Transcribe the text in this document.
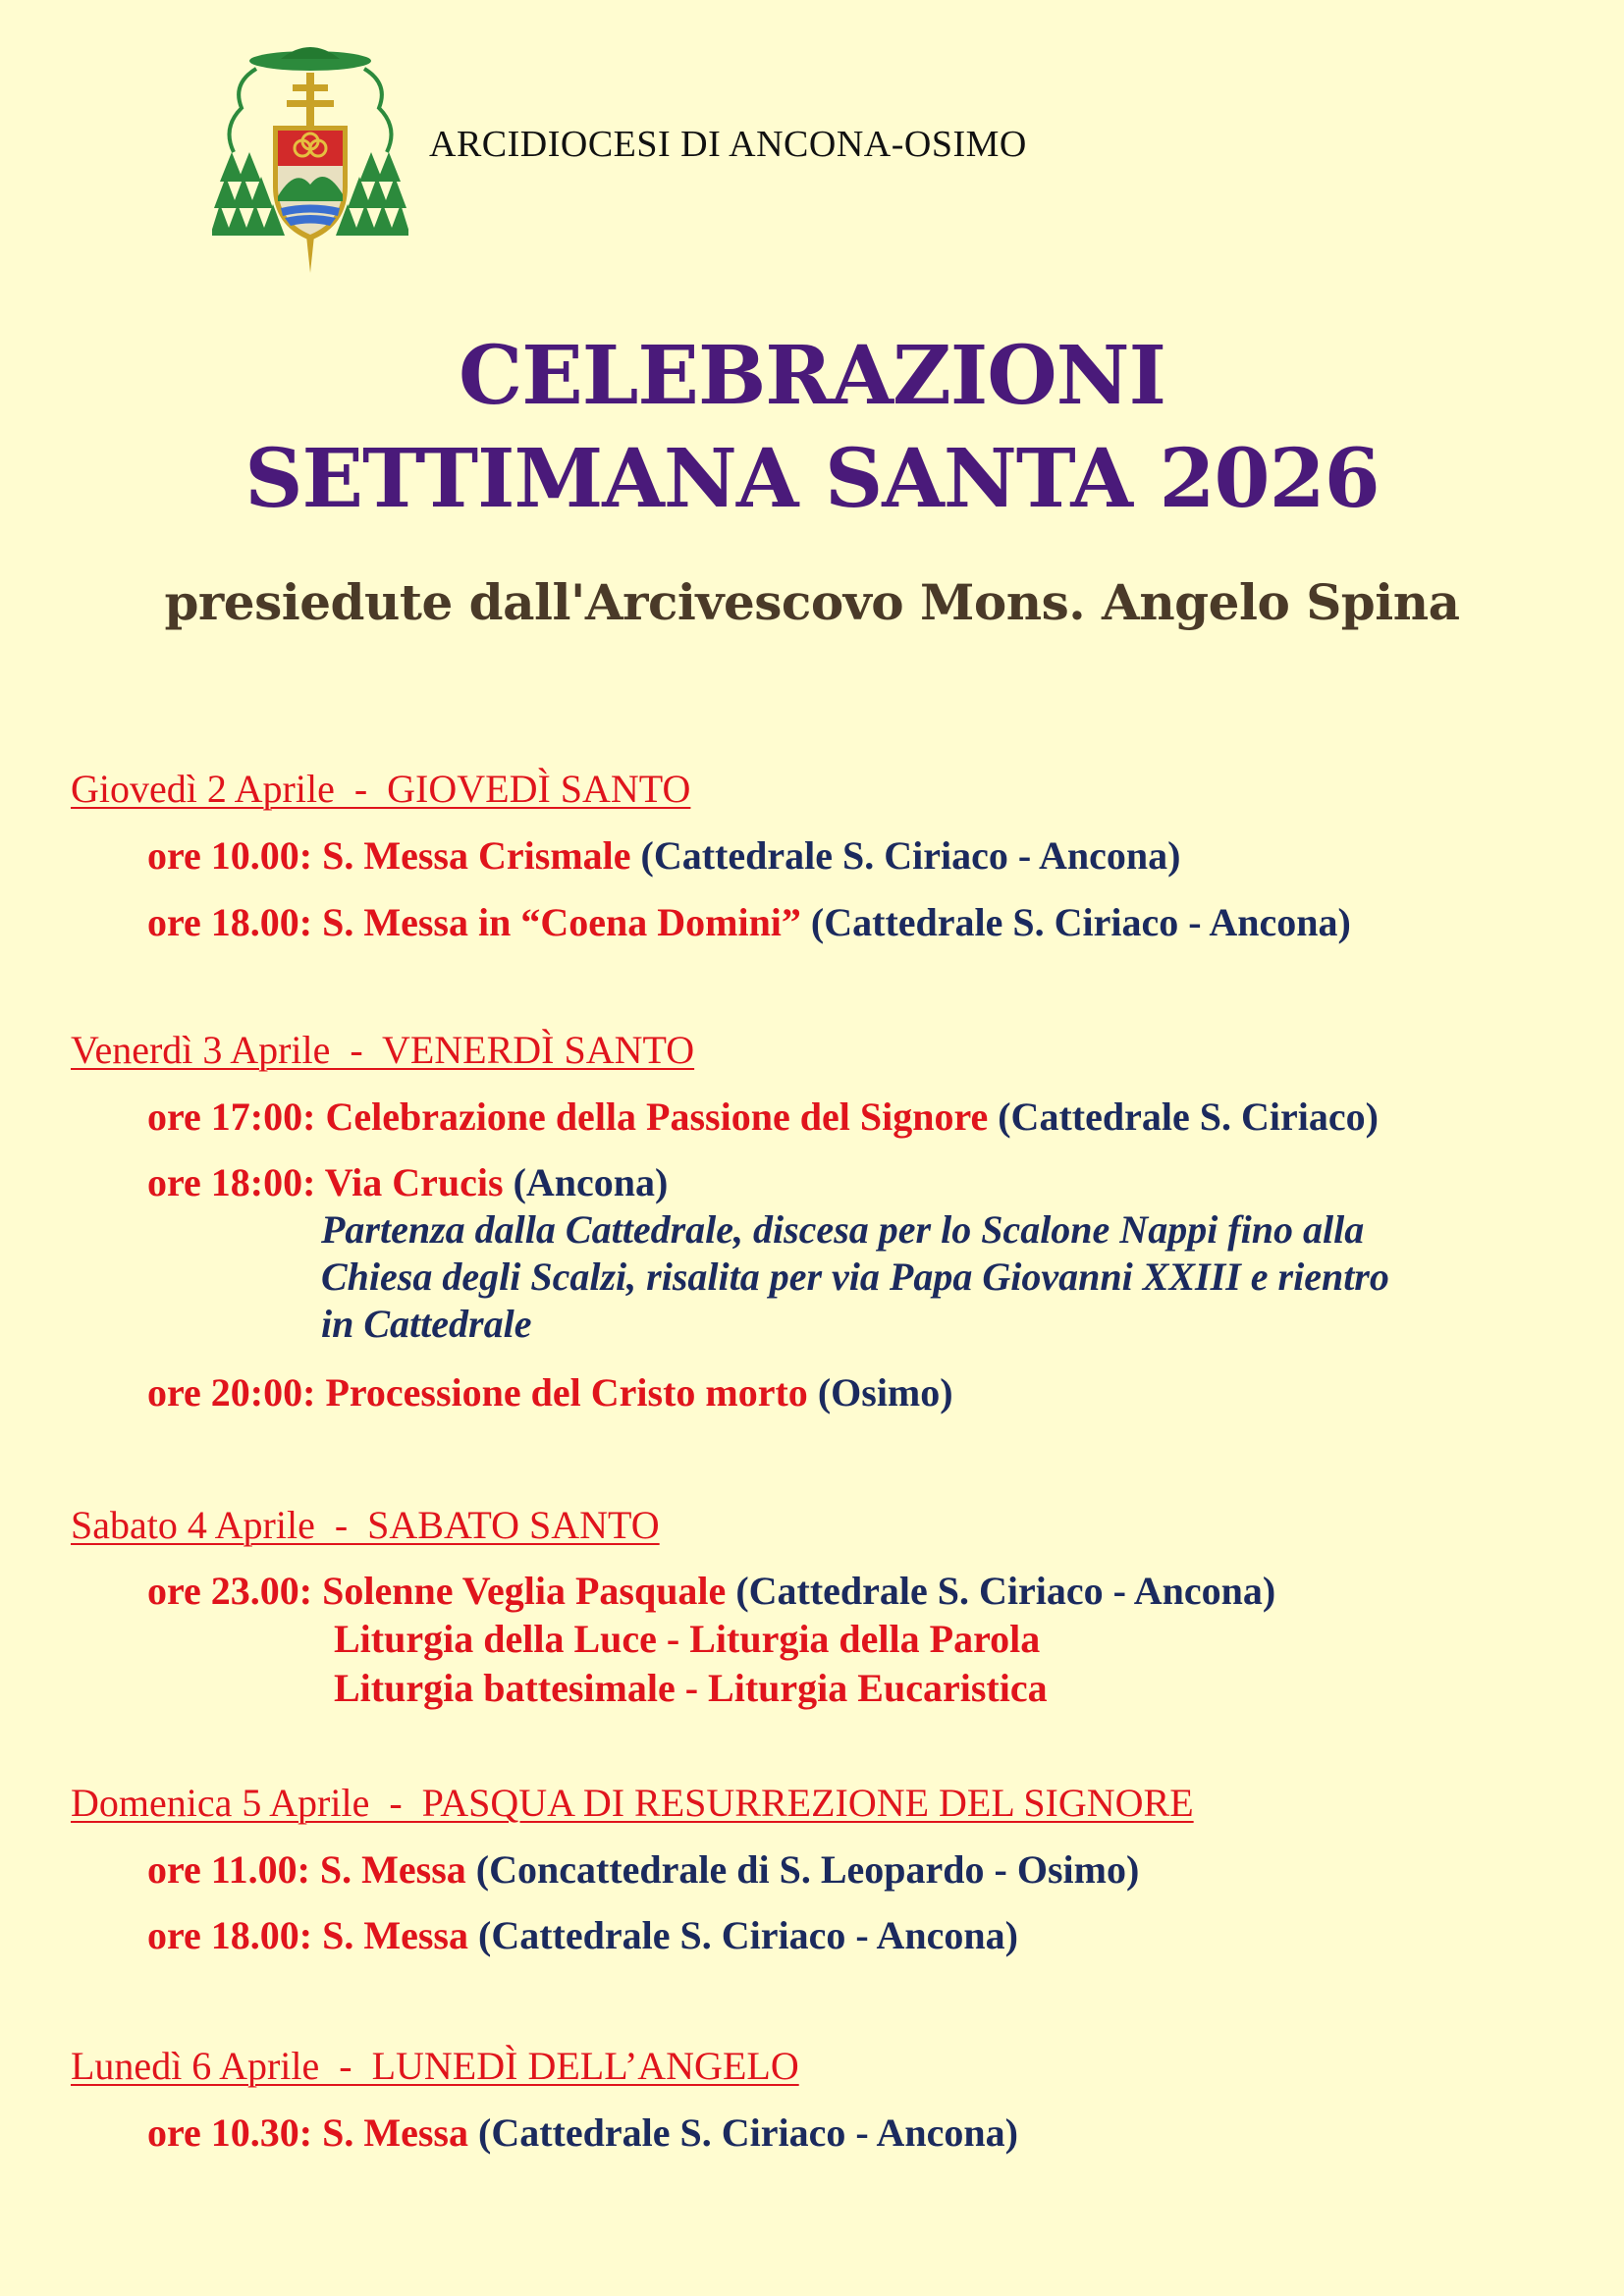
ARCIDIOCESI DI ANCONA-OSIMO
CELEBRAZIONI
SETTIMANA SANTA 2026
presiedute dall'Arcivescovo Mons. Angelo Spina
Giovedì 2 Aprile  -  GIOVEDÌ SANTO
ore 10.00: S. Messa Crismale (Cattedrale S. Ciriaco - Ancona)
ore 18.00: S. Messa in “Coena Domini” (Cattedrale S. Ciriaco - Ancona)
Venerdì 3 Aprile  -  VENERDÌ SANTO
ore 17:00: Celebrazione della Passione del Signore (Cattedrale S. Ciriaco)
ore 18:00: Via Crucis (Ancona)
Partenza dalla Cattedrale, discesa per lo Scalone Nappi fino alla
Chiesa degli Scalzi, risalita per via Papa Giovanni XXIII e rientro
in Cattedrale
ore 20:00: Processione del Cristo morto (Osimo)
Sabato 4 Aprile  -  SABATO SANTO
ore 23.00: Solenne Veglia Pasquale (Cattedrale S. Ciriaco - Ancona)
Liturgia della Luce - Liturgia della Parola
Liturgia battesimale - Liturgia Eucaristica
Domenica 5 Aprile  -  PASQUA DI RESURREZIONE DEL SIGNORE
ore 11.00: S. Messa (Concattedrale di S. Leopardo - Osimo)
ore 18.00: S. Messa (Cattedrale S. Ciriaco - Ancona)
Lunedì 6 Aprile  -  LUNEDÌ DELL’ANGELO
ore 10.30: S. Messa (Cattedrale S. Ciriaco - Ancona)
